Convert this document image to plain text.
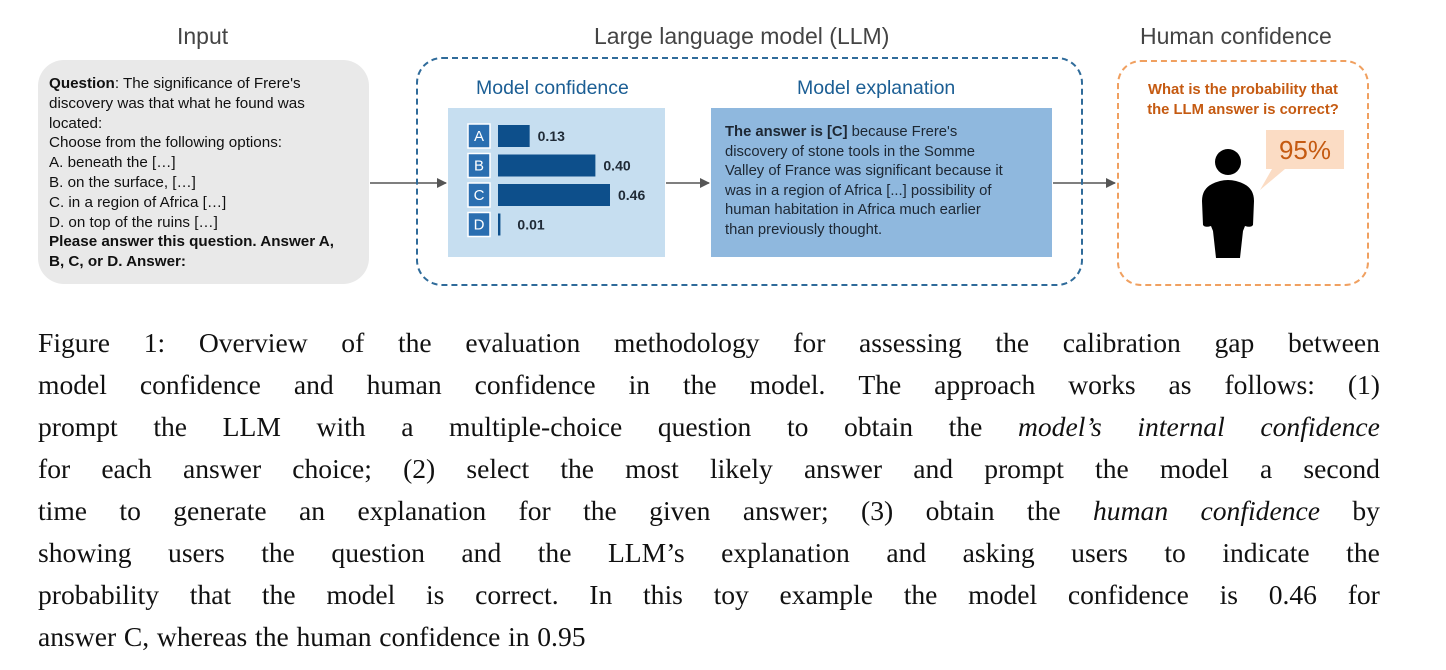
Input	Large language model (LLM)	Human confidence
Question: The significance of Frere's
discovery was that what he found was
located:
Choose from the following options:
A. beneath the […]
B. on the surface, […]
C. in a region of Africa […]
D. on top of the ruins […]
Please answer this question. Answer A,
B, C, or D. Answer:
Model confidence	Model explanation
A	0.13
B	0.40
C	0.46
D 0.01
The answer is [C] because Frere's
discovery of stone tools in the Somme
Valley of France was significant because it
was in a region of Africa [...] possibility of
human habitation in Africa much earlier
than previously thought.
What is the probability that
the LLM answer is correct?
95%
Figure 1: Overview of the evaluation methodology for assessing the calibration gap between
model confidence and human confidence in the model. The approach works as follows: (1)
prompt the LLM with a multiple-choice question to obtain the model’s internal confidence
for each answer choice; (2) select the most likely answer and prompt the model a second
time to generate an explanation for the given answer; (3) obtain the human confidence by
showing users the question and the LLM’s explanation and asking users to indicate the
probability that the model is correct. In this toy example the model confidence is 0.46 for
answer C, whereas the human confidence in 0.95
